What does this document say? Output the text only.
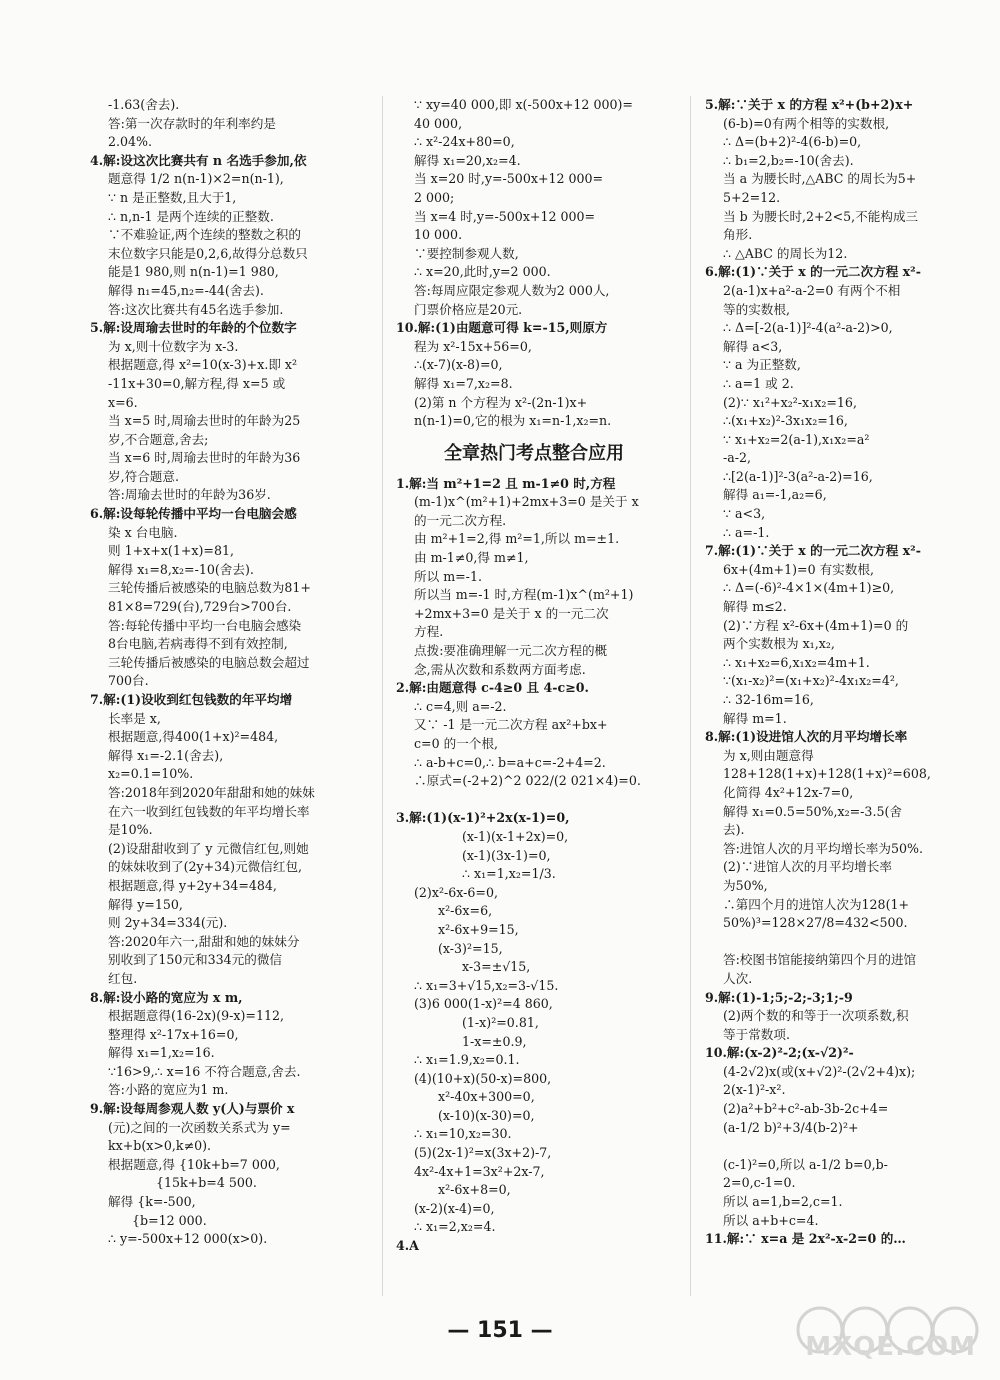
-1.63(舍去).
答:第一次存款时的年利率约是
2.04%.
4.解:设这次比赛共有 n 名选手参加,依
题意得 1/2 n(n-1)×2=n(n-1),
∵ n 是正整数,且大于1,
∴ n,n-1 是两个连续的正整数.
∵不难验证,两个连续的整数之积的
末位数字只能是0,2,6,故得分总数只
能是1 980,则 n(n-1)=1 980,
解得 n₁=45,n₂=-44(舍去).
答:这次比赛共有45名选手参加.
5.解:设周瑜去世时的年龄的个位数字
为 x,则十位数字为 x-3.
根据题意,得 x²=10(x-3)+x.即 x²
-11x+30=0,解方程,得 x=5 或
x=6.
当 x=5 时,周瑜去世时的年龄为25
岁,不合题意,舍去;
当 x=6 时,周瑜去世时的年龄为36
岁,符合题意.
答:周瑜去世时的年龄为36岁.
6.解:设每轮传播中平均一台电脑会感
染 x 台电脑.
则 1+x+x(1+x)=81,
解得 x₁=8,x₂=-10(舍去).
三轮传播后被感染的电脑总数为81+
81×8=729(台),729台>700台.
答:每轮传播中平均一台电脑会感染
8台电脑,若病毒得不到有效控制,
三轮传播后被感染的电脑总数会超过
700台.
7.解:(1)设收到红包钱数的年平均增
长率是 x,
根据题意,得400(1+x)²=484,
解得 x₁=-2.1(舍去),
x₂=0.1=10%.
答:2018年到2020年甜甜和她的妹妹
在六一收到红包钱数的年平均增长率
是10%.
(2)设甜甜收到了 y 元微信红包,则她
的妹妹收到了(2y+34)元微信红包,
根据题意,得 y+2y+34=484,
解得 y=150,
则 2y+34=334(元).
答:2020年六一,甜甜和她的妹妹分
别收到了150元和334元的微信
红包.
8.解:设小路的宽应为 x m,
根据题意得(16-2x)(9-x)=112,
整理得 x²-17x+16=0,
解得 x₁=1,x₂=16.
∵16>9,∴ x=16 不符合题意,舍去.
答:小路的宽应为1 m.
9.解:设每周参观人数 y(人)与票价 x
(元)之间的一次函数关系式为 y=
kx+b(x>0,k≠0).
根据题意,得 {10k+b=7 000,
{15k+b=4 500.
解得 {k=-500,
{b=12 000.
∴ y=-500x+12 000(x>0).
∵ xy=40 000,即 x(-500x+12 000)=
40 000,
∴ x²-24x+80=0,
解得 x₁=20,x₂=4.
当 x=20 时,y=-500x+12 000=
2 000;
当 x=4 时,y=-500x+12 000=
10 000.
∵要控制参观人数,
∴ x=20,此时,y=2 000.
答:每周应限定参观人数为2 000人,
门票价格应是20元.
10.解:(1)由题意可得 k=-15,则原方
程为 x²-15x+56=0,
∴(x-7)(x-8)=0,
解得 x₁=7,x₂=8.
(2)第 n 个方程为 x²-(2n-1)x+
n(n-1)=0,它的根为 x₁=n-1,x₂=n.
全章热门考点整合应用
1.解:当 m²+1=2 且 m-1≠0 时,方程
(m-1)x^(m²+1)+2mx+3=0 是关于 x
的一元二次方程.
由 m²+1=2,得 m²=1,所以 m=±1.
由 m-1≠0,得 m≠1,
所以 m=-1.
所以当 m=-1 时,方程(m-1)x^(m²+1)
+2mx+3=0 是关于 x 的一元二次
方程.
点拨:要准确理解一元二次方程的概
念,需从次数和系数两方面考虑.
2.解:由题意得 c-4≥0 且 4-c≥0.
∴ c=4,则 a=-2.
又∵ -1 是一元二次方程 ax²+bx+
c=0 的一个根,
∴ a-b+c=0,∴ b=a+c=-2+4=2.
∴原式=(-2+2)^2 022/(2 021×4)=0.
3.解:(1)(x-1)²+2x(x-1)=0,
(x-1)(x-1+2x)=0,
(x-1)(3x-1)=0,
∴ x₁=1,x₂=1/3.
(2)x²-6x-6=0,
x²-6x=6,
x²-6x+9=15,
(x-3)²=15,
x-3=±√15,
∴ x₁=3+√15,x₂=3-√15.
(3)6 000(1-x)²=4 860,
(1-x)²=0.81,
1-x=±0.9,
∴ x₁=1.9,x₂=0.1.
(4)(10+x)(50-x)=800,
x²-40x+300=0,
(x-10)(x-30)=0,
∴ x₁=10,x₂=30.
(5)(2x-1)²=x(3x+2)-7,
4x²-4x+1=3x²+2x-7,
x²-6x+8=0,
(x-2)(x-4)=0,
∴ x₁=2,x₂=4.
4.A
5.解:∵关于 x 的方程 x²+(b+2)x+
(6-b)=0有两个相等的实数根,
∴ Δ=(b+2)²-4(6-b)=0,
∴ b₁=2,b₂=-10(舍去).
当 a 为腰长时,△ABC 的周长为5+
5+2=12.
当 b 为腰长时,2+2<5,不能构成三
角形.
∴ △ABC 的周长为12.
6.解:(1)∵关于 x 的一元二次方程 x²-
2(a-1)x+a²-a-2=0 有两个不相
等的实数根,
∴ Δ=[-2(a-1)]²-4(a²-a-2)>0,
解得 a<3,
∵ a 为正整数,
∴ a=1 或 2.
(2)∵ x₁²+x₂²-x₁x₂=16,
∴(x₁+x₂)²-3x₁x₂=16,
∵ x₁+x₂=2(a-1),x₁x₂=a²
-a-2,
∴[2(a-1)]²-3(a²-a-2)=16,
解得 a₁=-1,a₂=6,
∵ a<3,
∴ a=-1.
7.解:(1)∵关于 x 的一元二次方程 x²-
6x+(4m+1)=0 有实数根,
∴ Δ=(-6)²-4×1×(4m+1)≥0,
解得 m≤2.
(2)∵方程 x²-6x+(4m+1)=0 的
两个实数根为 x₁,x₂,
∴ x₁+x₂=6,x₁x₂=4m+1.
∵(x₁-x₂)²=(x₁+x₂)²-4x₁x₂=4²,
∴ 32-16m=16,
解得 m=1.
8.解:(1)设进馆人次的月平均增长率
为 x,则由题意得
128+128(1+x)+128(1+x)²=608,
化简得 4x²+12x-7=0,
解得 x₁=0.5=50%,x₂=-3.5(舍
去).
答:进馆人次的月平均增长率为50%.
(2)∵进馆人次的月平均增长率
为50%,
∴第四个月的进馆人次为128(1+
50%)³=128×27/8=432<500.
答:校图书馆能接纳第四个月的进馆
人次.
9.解:(1)-1;5;-2;-3;1;-9
(2)两个数的和等于一次项系数,积
等于常数项.
10.解:(x-2)²-2;(x-√2)²-
(4-2√2)x(或(x+√2)²-(2√2+4)x);
2(x-1)²-x².
(2)a²+b²+c²-ab-3b-2c+4=
(a-1/2 b)²+3/4(b-2)²+
(c-1)²=0,所以 a-1/2 b=0,b-
2=0,c-1=0.
所以 a=1,b=2,c=1.
所以 a+b+c=4.
11.解:∵ x=a 是 2x²-x-2=0 的…
— 151 —
MXQE.COM
